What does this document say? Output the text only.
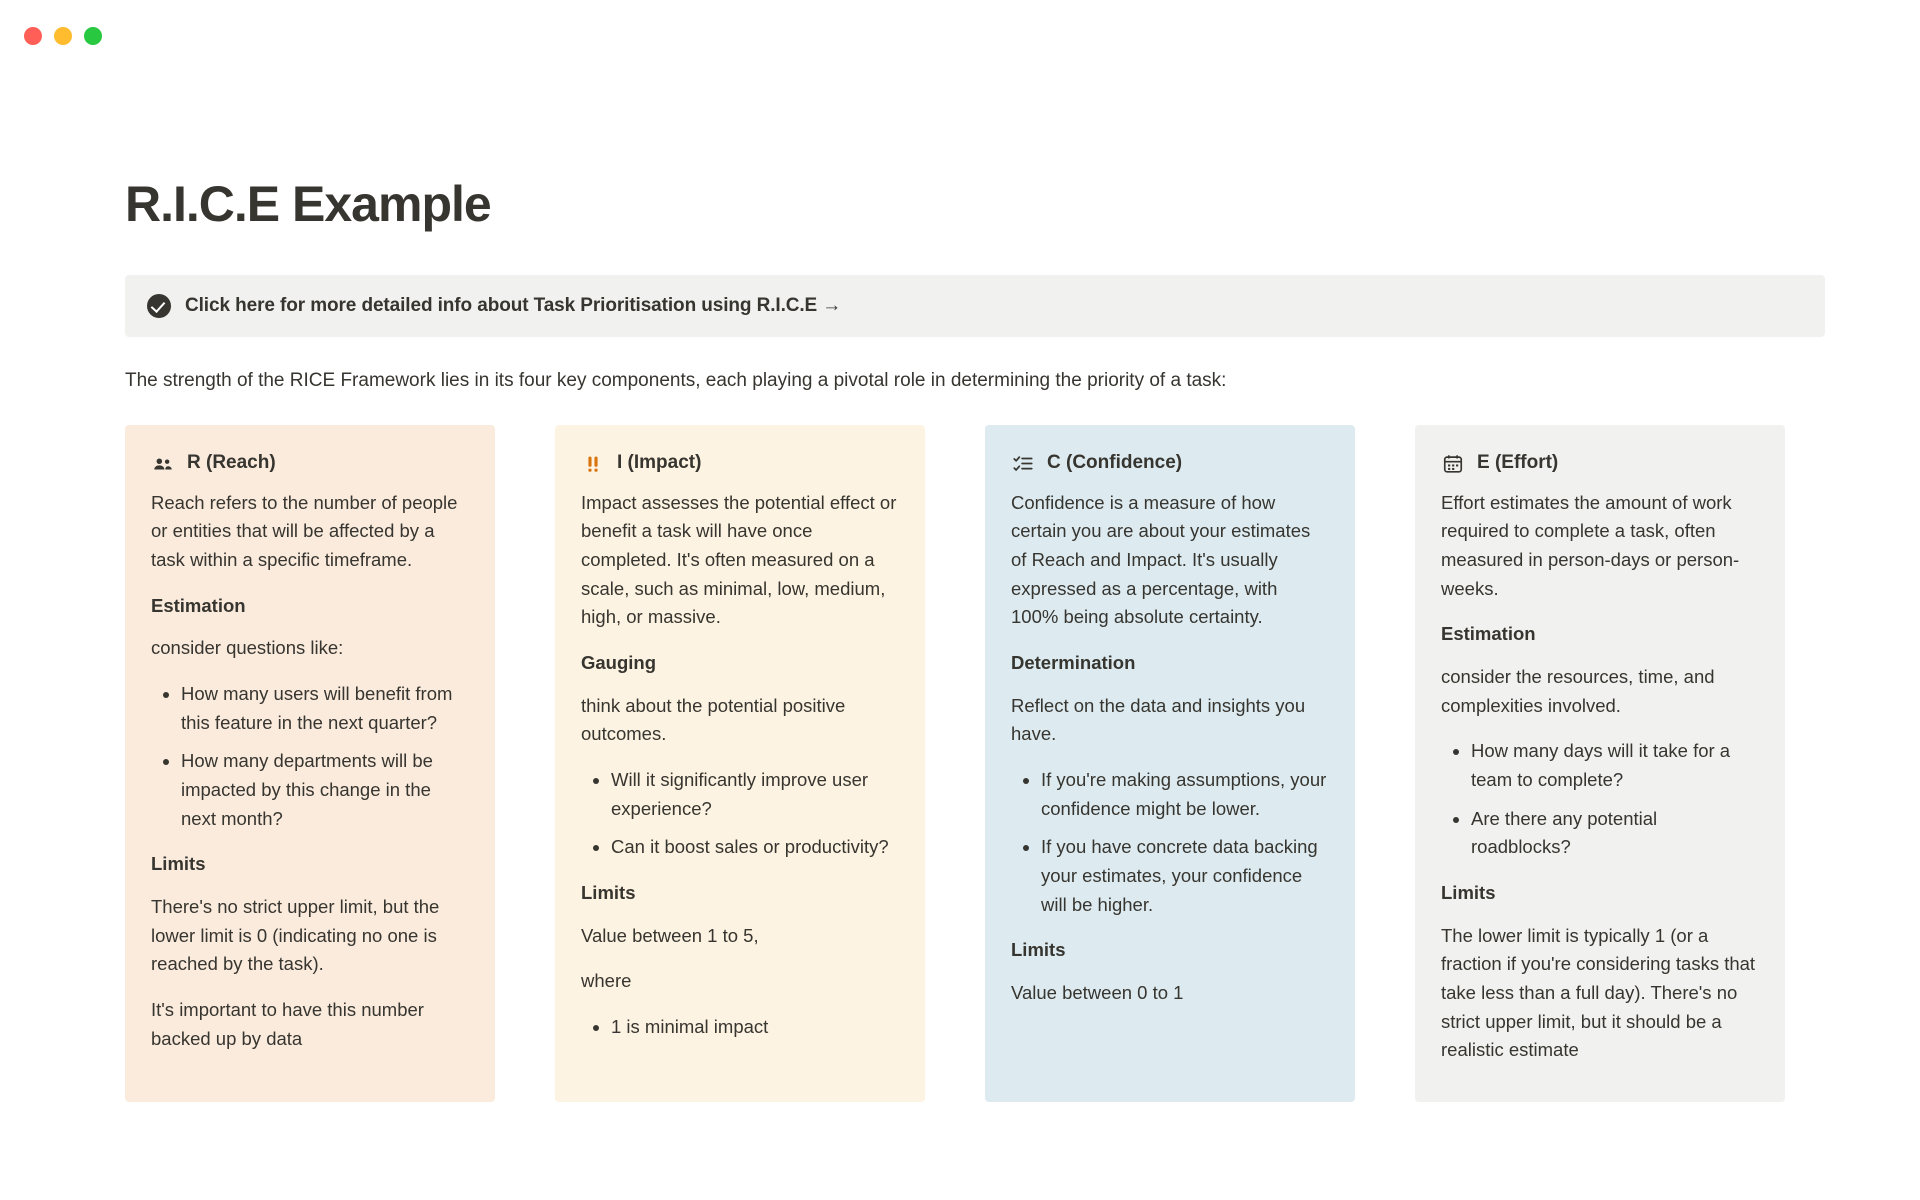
R.I.C.E Example
Click here for more detailed info about Task Prioritisation using R.I.C.E →

The strength of the RICE Framework lies in its four key components, each playing a pivotal role in determining the priority of a task:

R (Reach)

Reach refers to the number of people or entities that will be affected by a task within a specific timeframe.

Estimation

consider questions like:

• How many users will benefit from this feature in the next quarter?
• How many departments will be impacted by this change in the next month?

Limits

There's no strict upper limit, but the lower limit is 0 (indicating no one is reached by the task).

It's important to have this number backed up by data

I (Impact)

Impact assesses the potential effect or benefit a task will have once completed. It's often measured on a scale, such as minimal, low, medium, high, or massive.

Gauging

think about the potential positive outcomes.

• Will it significantly improve user experience?
• Can it boost sales or productivity?

Limits

Value between 1 to 5,

where

• 1 is minimal impact
C (Confidence)

Confidence is a measure of how certain you are about your estimates of Reach and Impact. It's usually expressed as a percentage, with 100% being absolute certainty.

Determination

Reflect on the data and insights you have.

• If you're making assumptions, your confidence might be lower.
• If you have concrete data backing your estimates, your confidence will be higher.

Limits

Value between 0 to 1

E (Effort)

Effort estimates the amount of work required to complete a task, often measured in person-days or person-weeks.

Estimation

consider the resources, time, and complexities involved.

• How many days will it take for a team to complete?
• Are there any potential roadblocks?

Limits

The lower limit is typically 1 (or a fraction if you're considering tasks that take less than a full day). There's no strict upper limit, but it should be a realistic estimate
